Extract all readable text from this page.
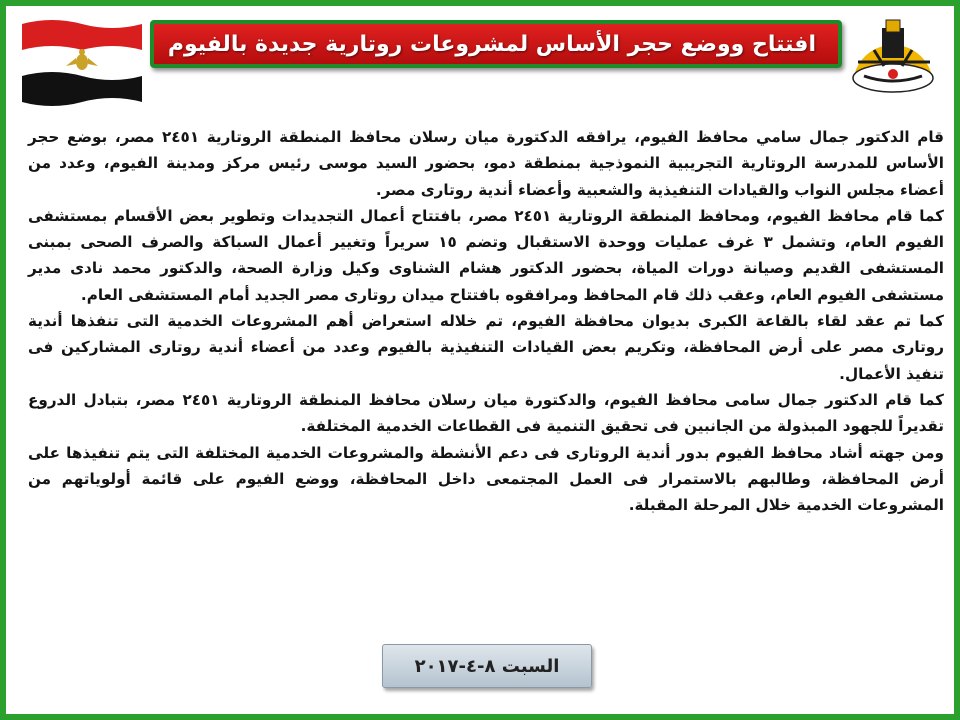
افتتاح ووضع حجر الأساس لمشروعات روتارية جديدة بالفيوم

قام الدكتور جمال سامي محافظ الفيوم، يرافقه الدكتورة ميان رسلان محافظ المنطقة الروتارية ٢٤٥١ مصر، بوضع حجر الأساس للمدرسة الروتارية التجريبية النموذجية بمنطقة دمو، بحضور السيد موسى رئيس مركز ومدينة الفيوم، وعدد من أعضاء مجلس النواب والقيادات التنفيذية والشعبية وأعضاء أندية روتارى مصر.

كما قام محافظ الفيوم، ومحافظ المنطقة الروتارية ٢٤٥١ مصر، بافتتاح أعمال التجديدات وتطوير بعض الأقسام بمستشفى الفيوم العام، وتشمل ٣ غرف عمليات ووحدة الاستقبال وتضم ١٥ سريراً وتغيير أعمال السباكة والصرف الصحى بمبنى المستشفى القديم وصيانة دورات المياة، بحضور الدكتور هشام الشناوى وكيل وزارة الصحة، والدكتور محمد نادى مدير مستشفى الفيوم العام، وعقب ذلك قام المحافظ ومرافقوه بافتتاح ميدان روتارى مصر الجديد أمام المستشفى العام.

كما تم عقد لقاء بالقاعة الكبرى بديوان محافظة الفيوم، تم خلاله استعراض أهم المشروعات الخدمية التى تنفذها أندية روتارى مصر على أرض المحافظة، وتكريم بعض القيادات التنفيذية بالفيوم وعدد من أعضاء أندية روتارى المشاركين فى تنفيذ الأعمال.

كما قام الدكتور جمال سامى محافظ الفيوم، والدكتورة ميان رسلان محافظ المنطقة الروتارية ٢٤٥١ مصر، بتبادل الدروع تقديراً للجهود المبذولة من الجانبين فى تحقيق التنمية فى القطاعات الخدمية المختلفة.

ومن جهته أشاد محافظ الفيوم بدور أندية الروتارى فى دعم الأنشطة والمشروعات الخدمية المختلفة التى يتم تنفيذها على أرض المحافظة، وطالبهم بالاستمرار فى العمل المجتمعى داخل المحافظة، ووضع الفيوم على قائمة أولوياتهم من المشروعات الخدمية خلال المرحلة المقبلة.

السبت ٨-٤-٢٠١٧
